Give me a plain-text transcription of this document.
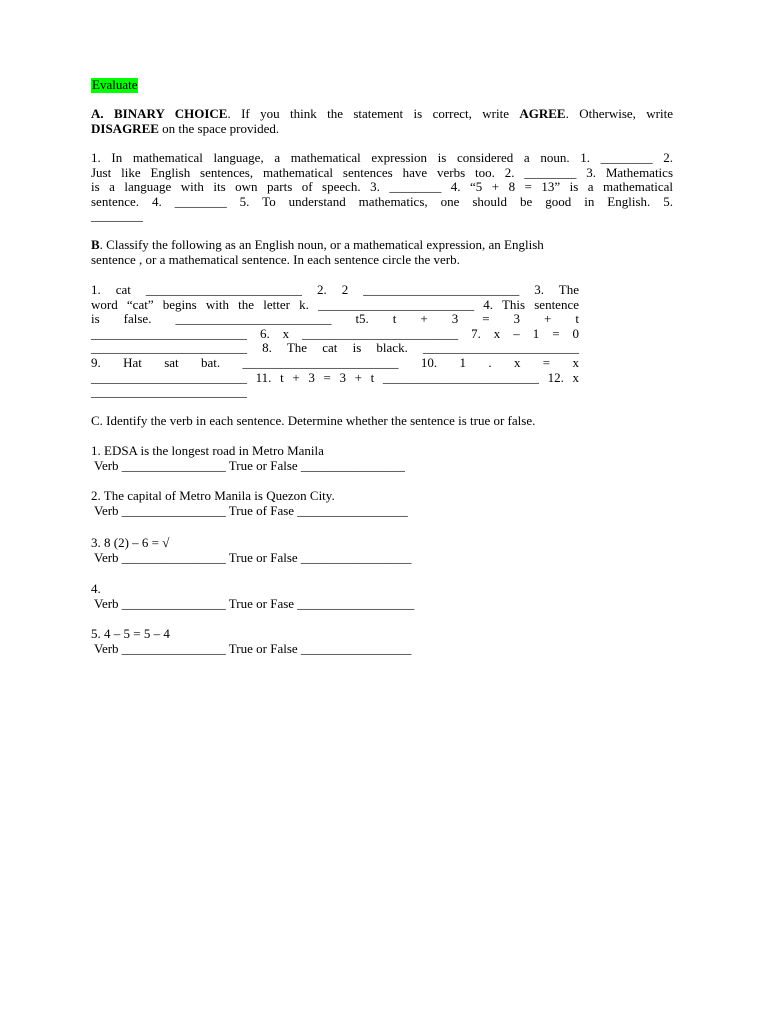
Evaluate
A. BINARY CHOICE. If you think the statement is correct, write AGREE. Otherwise, write
DISAGREE on the space provided.
1. In mathematical language, a mathematical expression is considered a noun. 1. ________ 2.
Just like English sentences, mathematical sentences have verbs too. 2. ________ 3. Mathematics
is a language with its own parts of speech. 3. ________ 4. “5 + 8 = 13” is a mathematical
sentence. 4. ________ 5. To understand mathematics, one should be good in English. 5.
________
B. Classify the following as an English noun, or a mathematical expression, an English
sentence , or a mathematical sentence. In each sentence circle the verb.
1. cat ________________________ 2. 2 ________________________ 3. The
word “cat” begins with the letter k. ________________________ 4. This sentence
is false. ________________________ t5. t + 3 = 3 + t
________________________ 6. x ________________________ 7. x – 1 = 0
________________________ 8. The cat is black. ________________________
9. Hat sat bat. ________________________ 10. 1 . x = x
________________________ 11. t + 3 = 3 + t ________________________ 12. x
________________________
C. Identify the verb in each sentence. Determine whether the sentence is true or false.
1. EDSA is the longest road in Metro Manila
Verb ________________ True or False ________________
2. The capital of Metro Manila is Quezon City.
Verb ________________ True of Fase _________________
3. 8 (2) – 6 = √
Verb ________________ True or False _________________
4.
Verb ________________ True or Fase __________________
5. 4 – 5 = 5 – 4
Verb ________________ True or False _________________
